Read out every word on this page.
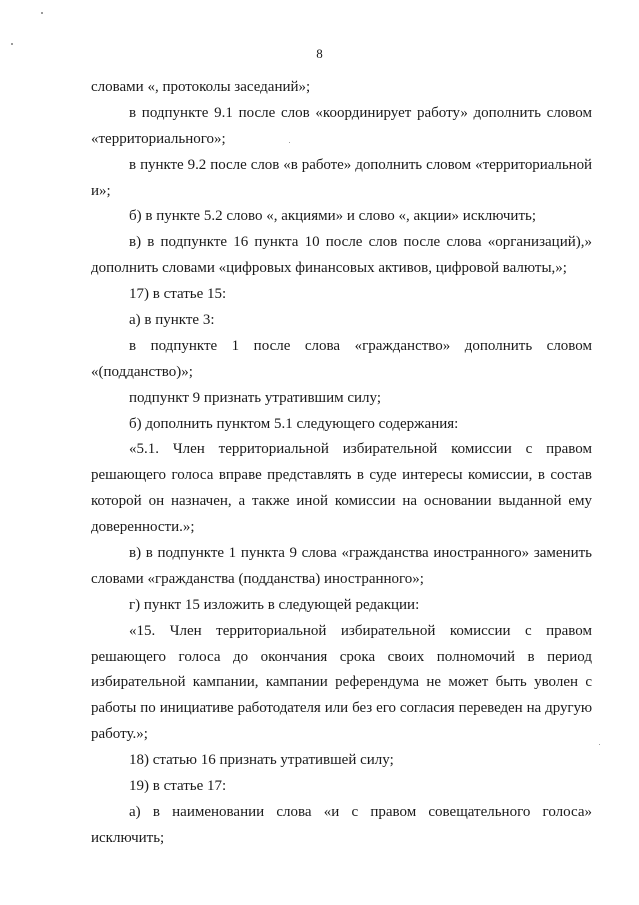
8
словами «, протоколы заседаний»;
в подпункте 9.1 после слов «координирует работу» дополнить словом
«территориального»;
в пункте 9.2 после слов «в работе» дополнить словом «территориальной
и»;
б) в пункте 5.2 слово «, акциями» и слово «, акции» исключить;
в) в подпункте 16 пункта 10 после слов после слова «организаций),»
дополнить словами «цифровых финансовых активов, цифровой валюты,»;
17) в статье 15:
а) в пункте 3:
в подпункте 1 после слова «гражданство» дополнить словом
«(подданство)»;
подпункт 9 признать утратившим силу;
б) дополнить пунктом 5.1 следующего содержания:
«5.1. Член территориальной избирательной комиссии с правом
решающего голоса вправе представлять в суде интересы комиссии, в состав
которой он назначен, а также иной комиссии на основании выданной ему
доверенности.»;
в) в подпункте 1 пункта 9 слова «гражданства иностранного» заменить
словами «гражданства (подданства) иностранного»;
г) пункт 15 изложить в следующей редакции:
«15. Член территориальной избирательной комиссии с правом
решающего голоса до окончания срока своих полномочий в период
избирательной кампании, кампании референдума не может быть уволен с
работы по инициативе работодателя или без его согласия переведен на другую
работу.»;
18) статью 16 признать утратившей силу;
19) в статье 17:
а) в наименовании слова «и с правом совещательного голоса»
исключить;
